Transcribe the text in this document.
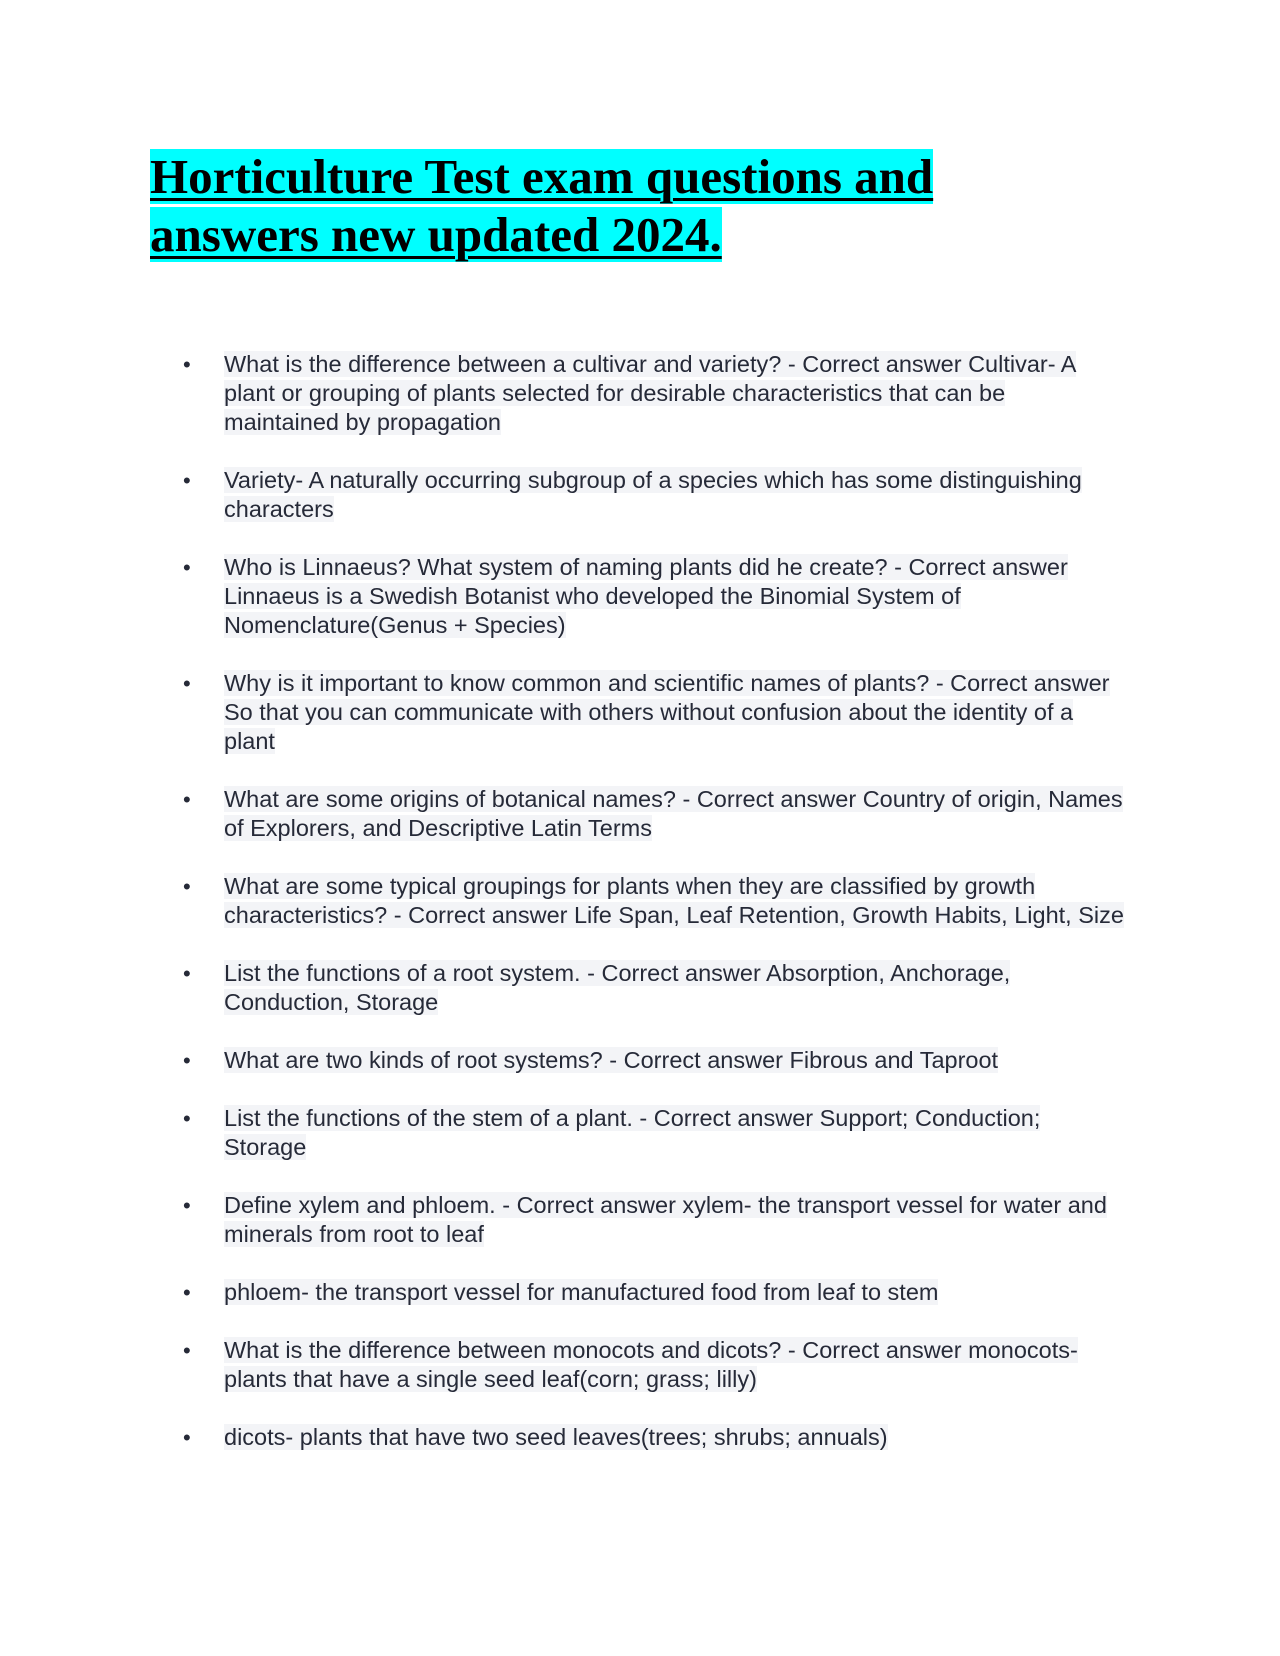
Horticulture Test exam questions and
answers new updated 2024.
• What is the difference between a cultivar and variety? - Correct answer Cultivar- A plant or grouping of plants selected for desirable characteristics that can be maintained by propagation
• Variety- A naturally occurring subgroup of a species which has some distinguishing characters
• Who is Linnaeus? What system of naming plants did he create? - Correct answer Linnaeus is a Swedish Botanist who developed the Binomial System of Nomenclature(Genus + Species)
• Why is it important to know common and scientific names of plants? - Correct answer So that you can communicate with others without confusion about the identity of a plant
• What are some origins of botanical names? - Correct answer Country of origin, Names of Explorers, and Descriptive Latin Terms
• What are some typical groupings for plants when they are classified by growth characteristics? - Correct answer Life Span, Leaf Retention, Growth Habits, Light, Size
• List the functions of a root system. - Correct answer Absorption, Anchorage, Conduction, Storage
• What are two kinds of root systems? - Correct answer Fibrous and Taproot
• List the functions of the stem of a plant. - Correct answer Support; Conduction; Storage
• Define xylem and phloem. - Correct answer xylem- the transport vessel for water and minerals from root to leaf
• phloem- the transport vessel for manufactured food from leaf to stem
• What is the difference between monocots and dicots? - Correct answer monocots- plants that have a single seed leaf(corn; grass; lilly)
• dicots- plants that have two seed leaves(trees; shrubs; annuals)
